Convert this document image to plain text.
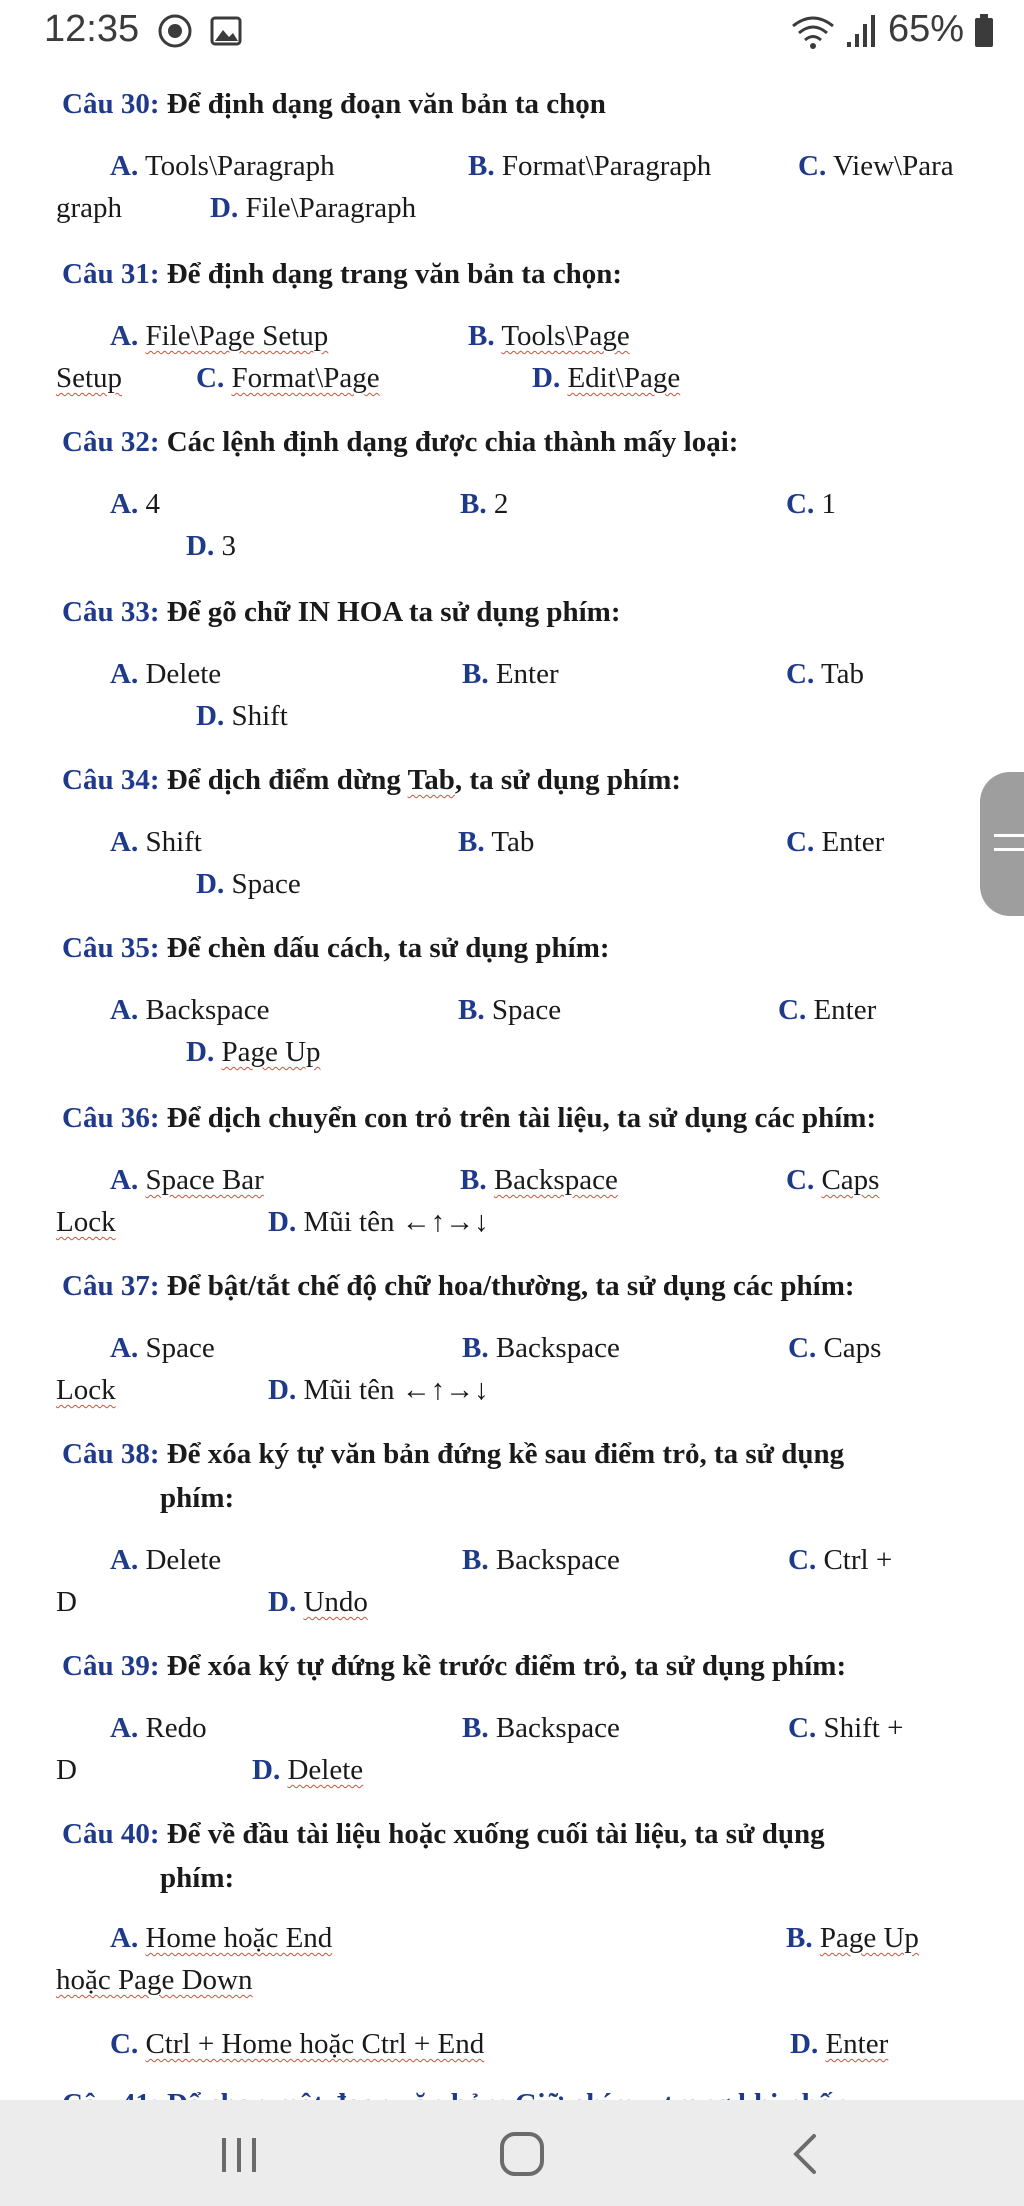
12:35	65%
Câu 30: Để định dạng đoạn văn bản ta chọn
A. Tools\Paragraph	B. Format\Paragraph	C. View\Para
graph	D. File\Paragraph
Câu 31: Để định dạng trang văn bản ta chọn:
A. File\Page Setup	B. Tools\Page
Setup	C. Format\Page	D. Edit\Page
Câu 32: Các lệnh định dạng được chia thành mấy loại:
A. 4	B. 2	C. 1
D. 3
Câu 33: Để gõ chữ IN HOA ta sử dụng phím:
A. Delete	B. Enter	C. Tab
D. Shift
Câu 34: Để dịch điểm dừng Tab, ta sử dụng phím:
A. Shift	B. Tab	C. Enter
D. Space
Câu 35: Để chèn dấu cách, ta sử dụng phím:
A. Backspace	B. Space	C. Enter
D. Page Up
Câu 36: Để dịch chuyển con trỏ trên tài liệu, ta sử dụng các phím:
A. Space Bar	B. Backspace	C. Caps
Lock	D. Mũi tên ←↑→↓
Câu 37: Để bật/tắt chế độ chữ hoa/thường, ta sử dụng các phím:
A. Space	B. Backspace	C. Caps
Lock	D. Mũi tên ←↑→↓
Câu 38: Để xóa ký tự văn bản đứng kề sau điểm trỏ, ta sử dụng
phím:
A. Delete	B. Backspace	C. Ctrl +
D	D. Undo
Câu 39: Để xóa ký tự đứng kề trước điểm trỏ, ta sử dụng phím:
A. Redo	B. Backspace	C. Shift +
D	D. Delete
Câu 40: Để về đầu tài liệu hoặc xuống cuối tài liệu, ta sử dụng
phím:
A. Home hoặc End	B. Page Up
hoặc Page Down
C. Ctrl + Home hoặc Ctrl + End	D. Enter
